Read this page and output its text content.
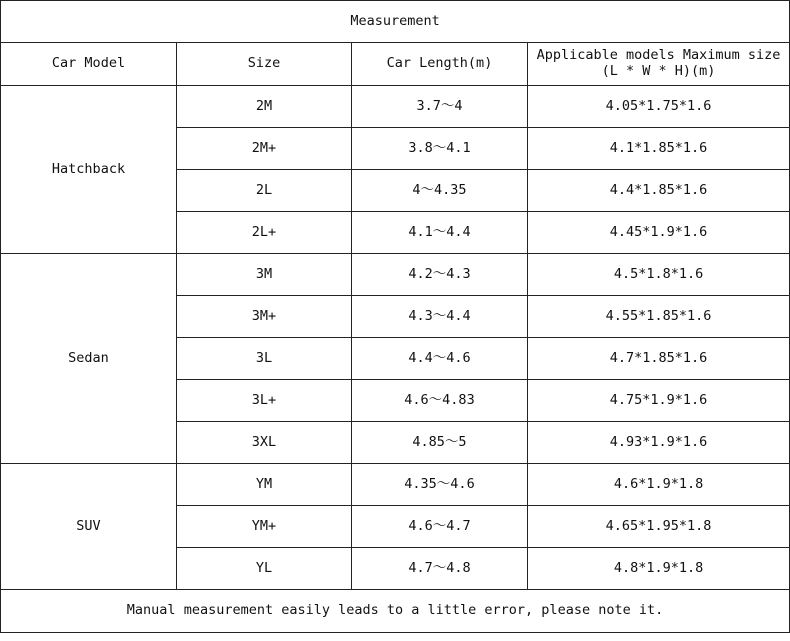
Measurement			
Car Model	Size	Car Length(m)	Applicable models Maximum size
(L * W * H)(m)

Hatchback	2M	3.7～4	4.05*1.75*1.6
	2M+	3.8～4.1	4.1*1.85*1.6
	2L	4～4.35	4.4*1.85*1.6
	2L+	4.1～4.4	4.45*1.9*1.6
Sedan	3M	4.2～4.3	4.5*1.8*1.6
	3M+	4.3～4.4	4.55*1.85*1.6
	3L	4.4～4.6	4.7*1.85*1.6
	3L+	4.6～4.83	4.75*1.9*1.6
	3XL	4.85～5	4.93*1.9*1.6
SUV	YM	4.35～4.6	4.6*1.9*1.8
	YM+	4.6～4.7	4.65*1.95*1.8
	YL	4.7～4.8	4.8*1.9*1.8
Manual measurement easily leads to a little error, please note it.			
